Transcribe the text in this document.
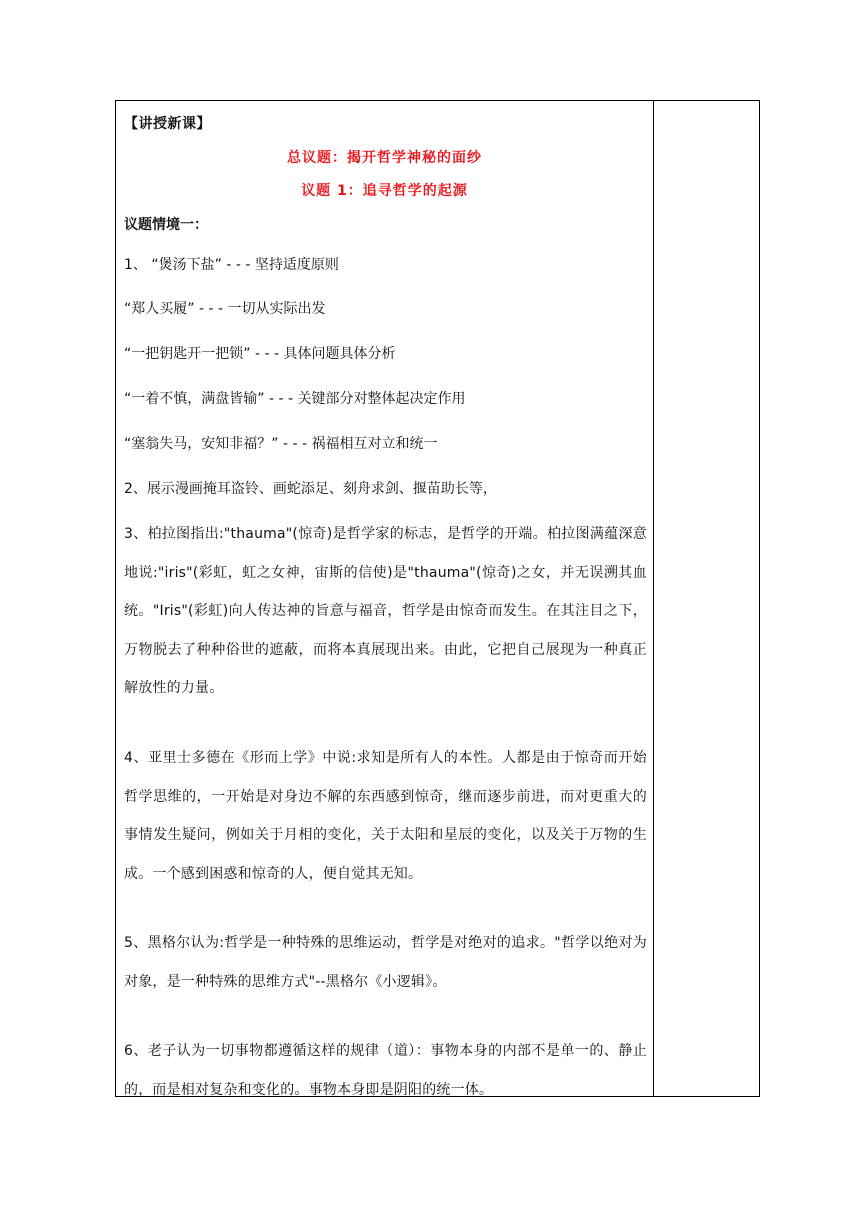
【讲授新课】
总议题：揭开哲学神秘的面纱
议题 1：追寻哲学的起源
议题情境一：

1、 “煲汤下盐” - - - 坚持适度原则

“郑人买履” - - - 一切从实际出发

“一把钥匙开一把锁” - - - 具体问题具体分析

“一着不慎，满盘皆输” - - - 关键部分对整体起决定作用

“塞翁失马，安知非福？” - - - 祸福相互对立和统一

2、展示漫画掩耳盗铃、画蛇添足、刻舟求剑、揠苗助长等，

3、柏拉图指出:"thauma"(惊奇)是哲学家的标志，是哲学的开端。柏拉图满蕴深意地说:"iris"(彩虹，虹之女神，宙斯的信使)是"thauma"(惊奇)之女，并无误溯其血统。"Iris"(彩虹)向人传达神的旨意与福音，哲学是由惊奇而发生。在其注目之下，万物脱去了种种俗世的遮蔽，而将本真展现出来。由此，它把自己展现为一种真正解放性的力量。

4、亚里士多德在《形而上学》中说:求知是所有人的本性。人都是由于惊奇而开始哲学思维的，一开始是对身边不解的东西感到惊奇，继而逐步前进，而对更重大的事情发生疑问，例如关于月相的变化，关于太阳和星辰的变化，以及关于万物的生成。一个感到困惑和惊奇的人，便自觉其无知。

5、黑格尔认为:哲学是一种特殊的思维运动，哲学是对绝对的追求。"哲学以绝对为对象，是一种特殊的思维方式"--黑格尔《小逻辑》。

6、老子认为一切事物都遵循这样的规律（道）：事物本身的内部不是单一的、静止的，而是相对复杂和变化的。事物本身即是阴阳的统一体。
